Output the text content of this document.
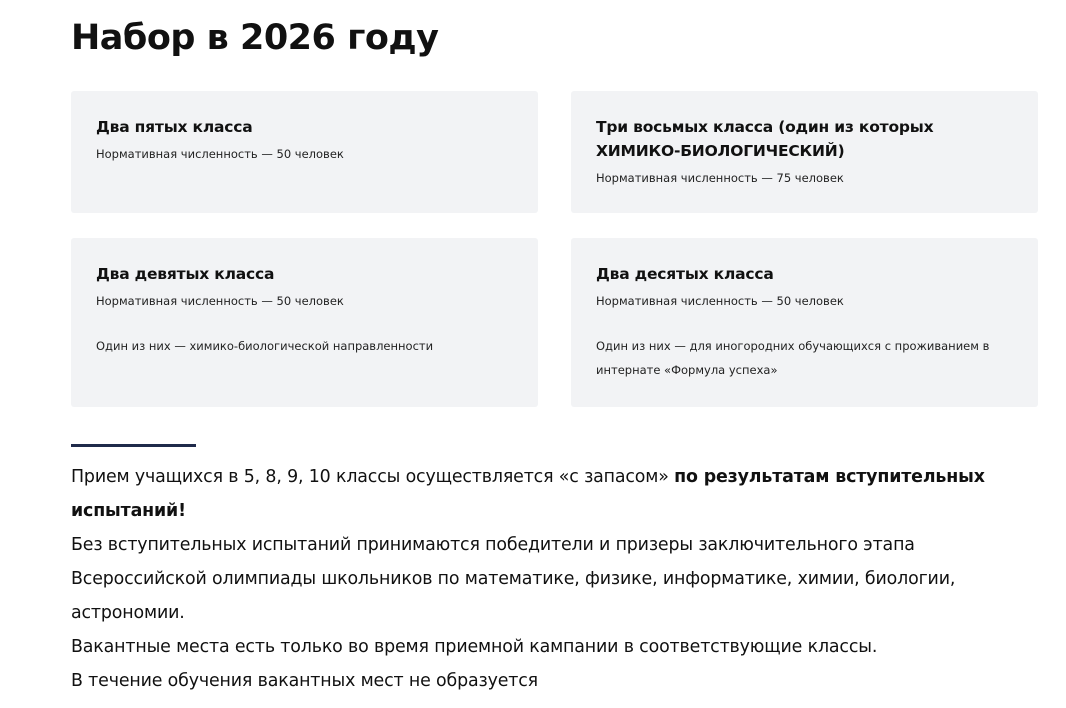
Набор в 2026 году
Два пятых класса
Нормативная численность — 50 человек
Три восьмых класса (один из которых ХИМИКО-БИОЛОГИЧЕСКИЙ)
Нормативная численность — 75 человек
Два девятых класса
Нормативная численность — 50 человек
Один из них — химико-биологической направленности
Два десятых класса
Нормативная численность — 50 человек
Один из них — для иногородних обучающихся с проживанием в интернате «Формула успеха»

Прием учащихся в 5, 8, 9, 10 классы осуществляется «с запасом» по результатам вступительных испытаний!

Без вступительных испытаний принимаются победители и призеры заключительного этапа Всероссийской олимпиады школьников по математике, физике, информатике, химии, биологии, астрономии.

Вакантные места есть только во время приемной кампании в соответствующие классы.

В течение обучения вакантных мест не образуется
